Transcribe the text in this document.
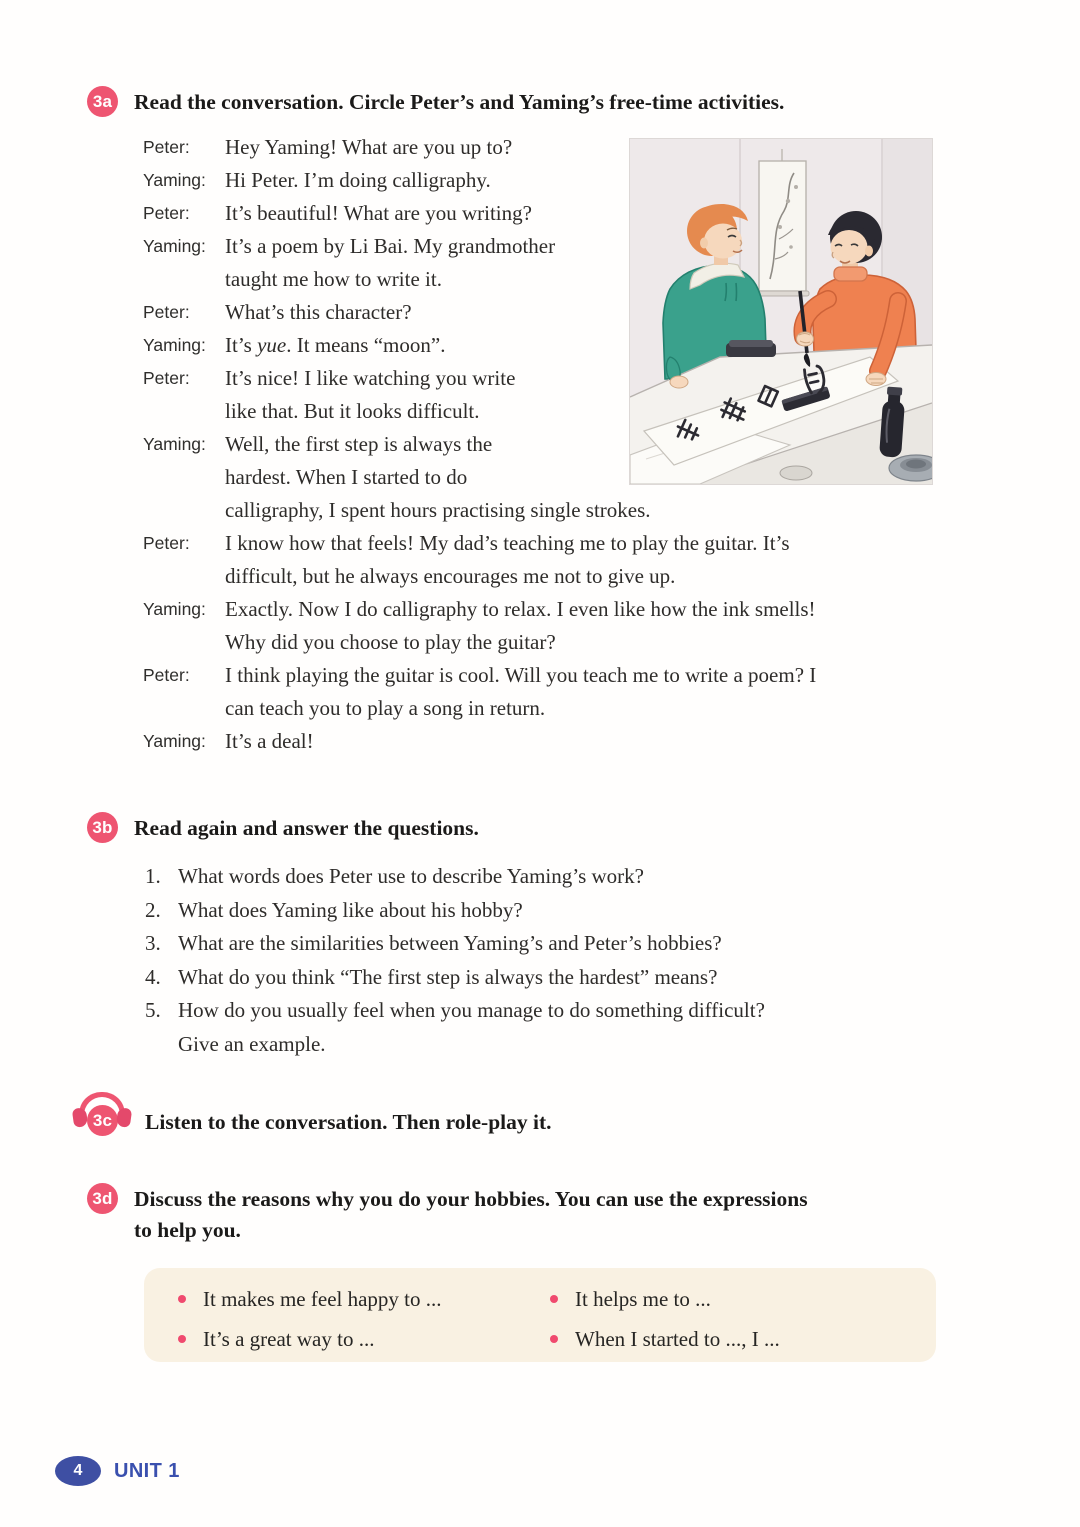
3a Read the conversation. Circle Peter’s and Yaming’s free-time activities.
Peter: Hey Yaming! What are you up to?
Yaming: Hi Peter. I’m doing calligraphy.
Peter: It’s beautiful! What are you writing?
Yaming: It’s a poem by Li Bai. My grandmother
taught me how to write it.
Peter: What’s this character?
Yaming: It’s yue. It means “moon”.
Peter: It’s nice! I like watching you write
like that. But it looks difficult.
Yaming: Well, the first step is always the
hardest. When I started to do
calligraphy, I spent hours practising single strokes.
Peter: I know how that feels! My dad’s teaching me to play the guitar. It’s
difficult, but he always encourages me not to give up.
Yaming: Exactly. Now I do calligraphy to relax. I even like how the ink smells!
Why did you choose to play the guitar?
Peter: I think playing the guitar is cool. Will you teach me to write a poem? I
can teach you to play a song in return.
Yaming: It’s a deal!
3b Read again and answer the questions.
1. What words does Peter use to describe Yaming’s work?
2. What does Yaming like about his hobby?
3. What are the similarities between Yaming’s and Peter’s hobbies?
4. What do you think “The first step is always the hardest” means?
5. How do you usually feel when you manage to do something difficult?
Give an example.
3c Listen to the conversation. Then role-play it.
3d Discuss the reasons why you do your hobbies. You can use the expressions
to help you.
It makes me feel happy to ...
It’s a great way to ...
It helps me to ...
When I started to ..., I ...
4	UNIT 1
